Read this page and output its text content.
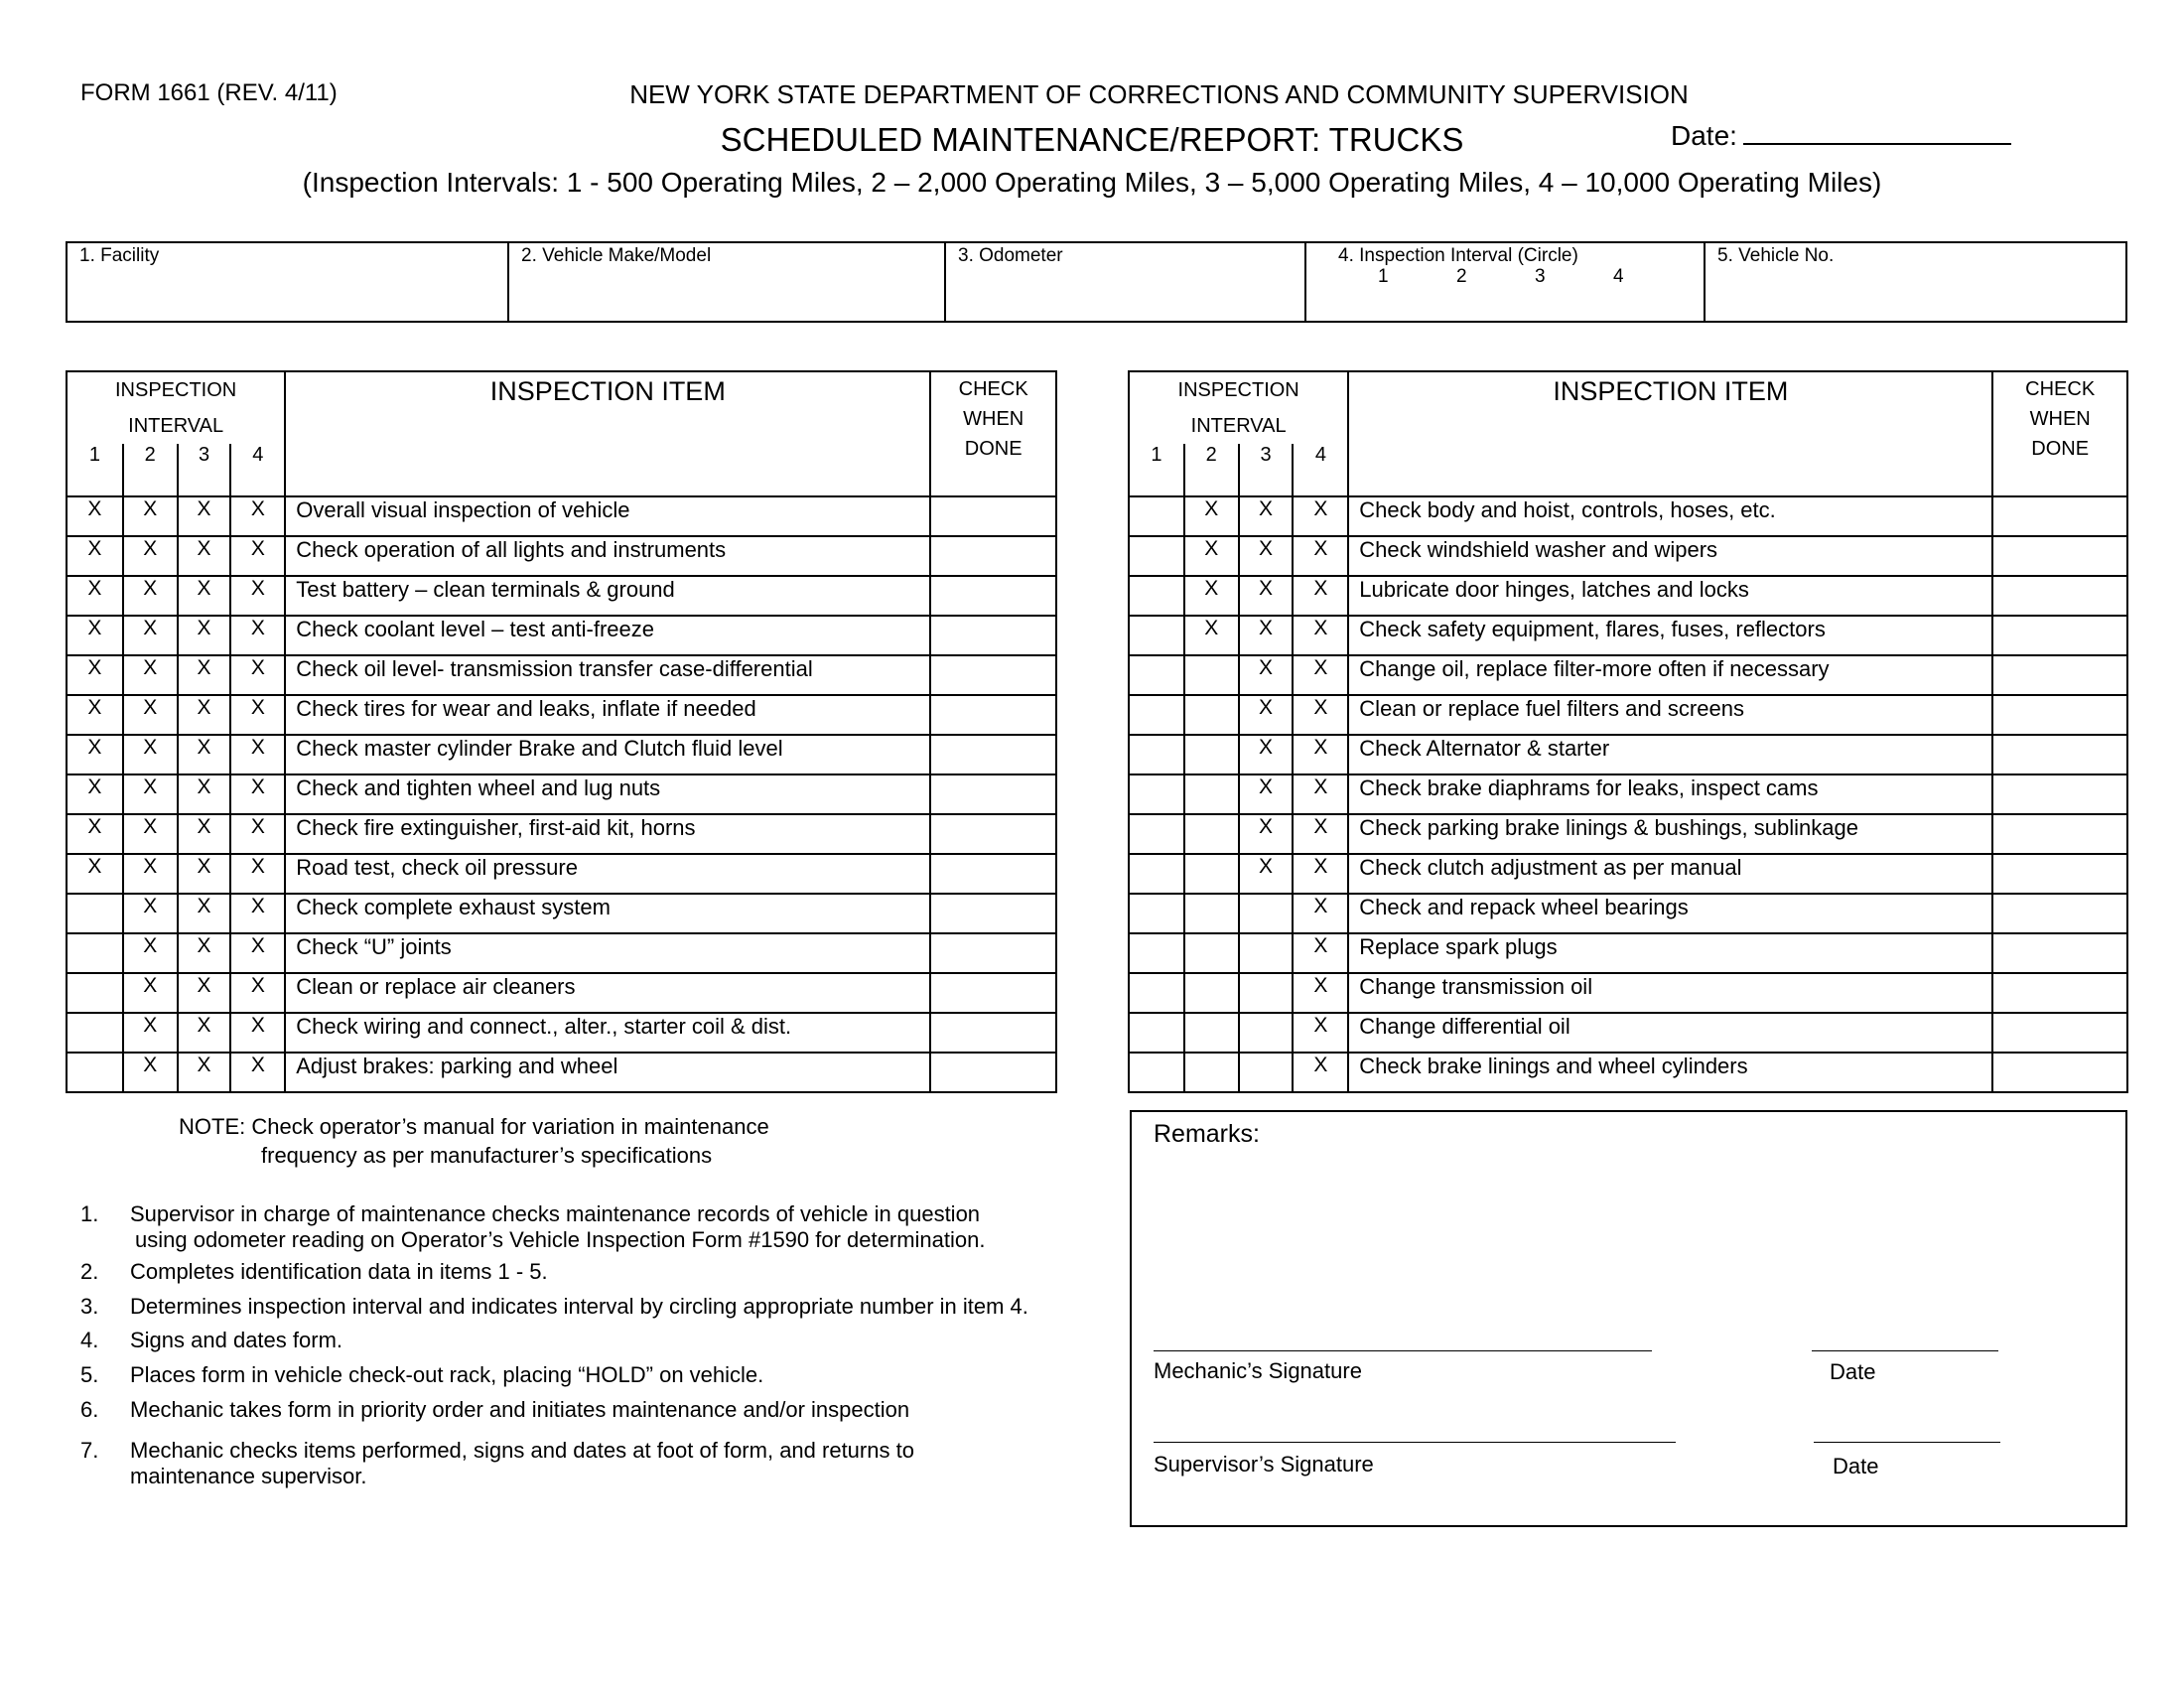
FORM 1661 (REV. 4/11)	NEW YORK STATE DEPARTMENT OF CORRECTIONS AND COMMUNITY SUPERVISION
SCHEDULED MAINTENANCE/REPORT: TRUCKS	Date:
(Inspection Intervals: 1 - 500 Operating Miles, 2 – 2,000 Operating Miles, 3 – 5,000 Operating Miles, 4 – 10,000 Operating Miles)
1. Facility	2. Vehicle Make/Model	3. Odometer	4. Inspection Interval (Circle)
1	2	3	4
5. Vehicle No.
INSPECTION
INTERVAL				INSPECTION ITEM	CHECK
WHEN
DONE
1	2	3	4		
X	X	X	X	Overall visual inspection of vehicle	
X	X	X	X	Check operation of all lights and instruments	
X	X	X	X	Test battery – clean terminals & ground	
X	X	X	X	Check coolant level – test anti-freeze	
X	X	X	X	Check oil level- transmission transfer case-differential	
X	X	X	X	Check tires for wear and leaks, inflate if needed	
X	X	X	X	Check master cylinder Brake and Clutch fluid level	
X	X	X	X	Check and tighten wheel and lug nuts	
X	X	X	X	Check fire extinguisher, first-aid kit, horns	
X	X	X	X	Road test, check oil pressure	
	X	X	X	Check complete exhaust system	
	X	X	X	Check “U” joints	
	X	X	X	Clean or replace air cleaners	
	X	X	X	Check wiring and connect., alter., starter coil & dist.	
	X	X	X	Adjust brakes: parking and wheel	
INSPECTION
INTERVAL				INSPECTION ITEM	CHECK
WHEN
DONE
1	2	3	4		
	X	X	X	Check body and hoist, controls, hoses, etc.	
	X	X	X	Check windshield washer and wipers	
	X	X	X	Lubricate door hinges, latches and locks	
	X	X	X	Check safety equipment, flares, fuses, reflectors	
		X	X	Change oil, replace filter-more often if necessary	
		X	X	Clean or replace fuel filters and screens	
		X	X	Check Alternator & starter	
		X	X	Check brake diaphrams for leaks, inspect cams	
		X	X	Check parking brake linings & bushings, sublinkage	
		X	X	Check clutch adjustment as per manual	
			X	Check and repack wheel bearings	
			X	Replace spark plugs	
			X	Change transmission oil	
			X	Change differential oil	
			X	Check brake linings and wheel cylinders	
NOTE: Check operator’s manual for variation in maintenance
frequency as per manufacturer’s specifications
1. Supervisor in charge of maintenance checks maintenance records of vehicle in question
using odometer reading on Operator’s Vehicle Inspection Form #1590 for determination.
2. Completes identification data in items 1 - 5.
3. Determines inspection interval and indicates interval by circling appropriate number in item 4.
4. Signs and dates form.
5. Places form in vehicle check-out rack, placing “HOLD” on vehicle.
6. Mechanic takes form in priority order and initiates maintenance and/or inspection
7. Mechanic checks items performed, signs and dates at foot of form, and returns to
maintenance supervisor.
Remarks:
Mechanic’s Signature	Date
Supervisor’s Signature	Date
